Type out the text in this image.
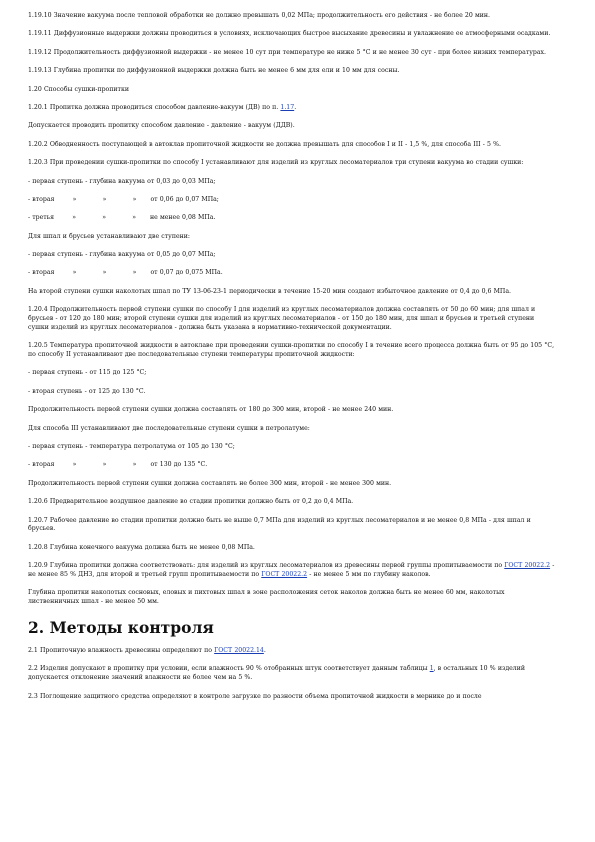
1.19.10 Значение вакуума после тепловой обработки не должно превышать 0,02 МПа; продолжительность его действия - не более 20 мин.
1.19.11 Диффузионные выдержки должны проводиться в условиях, исключающих быстрое высыхание древесины и увлажнение ее атмосферными осадками.
1.19.12 Продолжительность диффузионной выдержки - не менее 10 сут при температуре не ниже 5 °С и не менее 30 сут - при более низких температурах.
1.19.13 Глубина пропитки по диффузионной выдержки должна быть не менее 6 мм для ели и 10 мм для сосны.
1.20 Способы сушки-пропитки
1.20.1 Пропитка должна проводиться способом давление-вакуум (ДВ) по п. 1.17.
Допускается проводить пропитку способом давление - давление - вакуум (ДДВ).
1.20.2 Обводненность поступающей в автоклав пропиточной жидкости не должна превышать для способов I и II - 1,5 %, для способа III - 5 %.
1.20.3 При проведении сушки-пропитки по способу I устанавливают для изделий из круглых лесоматериалов три ступени вакуума во стадии сушки:
- первая ступень - глубина вакуума от 0,03 до 0,03 МПа;
- вторая	»	»	» от 0,06 до 0,07 МПа;
- третья	»	»	» не менее 0,08 МПа.
Для шпал и брусьев устанавливают две ступени:
- первая ступень - глубина вакуума от 0,05 до 0,07 МПа;
- вторая	»	»	» от 0,07 до 0,075 МПа.
На второй ступени сушки наколотых шпал по ТУ 13-06-23-1 периодически в течение 15-20 мин создают избыточное давление от 0,4 до 0,6 МПа.
1.20.4 Продолжительность первой ступени сушки по способу I для изделий из круглых лесоматериалов должна составлять от 50 до 60 мин; для шпал и брусьев - от 120 до 180 мин; второй ступени сушки для изделий из круглых лесоматериалов - от 150 до 180 мин, для шпал и брусьев и третьей ступени сушки изделий из круглых лесоматериалов - должна быть указана в нормативно-технической документации.
1.20.5 Температура пропиточной жидкости в автоклаве при проведении сушки-пропитки по способу I в течение всего процесса должна быть от 95 до 105 °С, по способу II устанавливают две последовательные ступени температуры пропиточной жидкости:
- первая ступень - от 115 до 125 °С;
- вторая ступень - от 125 до 130 °С.
Продолжительность первой ступени сушки должна составлять от 180 до 300 мин, второй - не менее 240 мин.
Для способа III устанавливают две последовательные ступени сушки в петролатуме:
- первая ступень - температура петролатума от 105 до 130 °С;
- вторая	»	»	» от 130 до 135 °С.
Продолжительность первой ступени сушки должна составлять не более 300 мин, второй - не менее 300 мин.
1.20.6 Предварительное воздушное давление во стадии пропитки должно быть от 0,2 до 0,4 МПа.
1.20.7 Рабочее давление во стадии пропитки должно быть не выше 0,7 МПа для изделий из круглых лесоматериалов и не менее 0,8 МПа - для шпал и брусьев.
1.20.8 Глубина конечного вакуума должна быть не менее 0,08 МПа.
1.20.9 Глубина пропитки должна соответствовать: для изделий из круглых лесоматериалов из древесины первой группы пропитываемости по ГОСТ 20022.2 - не менее 85 % ДНЗ, для второй и третьей групп пропитываемости по ГОСТ 20022.2 - не менее 5 мм по глубину наколов.
Глубина пропитки наколотых сосновых, еловых и пихтовых шпал в зоне расположения сеток наколов должна быть не менее 60 мм, наколотых лиственничных шпал - не менее 50 мм.
2. Методы контроля
2.1 Пропиточную влажность древесины определяют по ГОСТ 20022.14.
2.2 Изделия допускают в пропитку при условии, если влажность 90 % отобранных штук соответствует данным таблицы 1, в остальных 10 % изделий допускается отклонение значений влажности не более чем на 5 %.
2.3 Поглощение защитного средства определяют в контроле загрузке по разности объема пропиточной жидкости в мернике до и после
